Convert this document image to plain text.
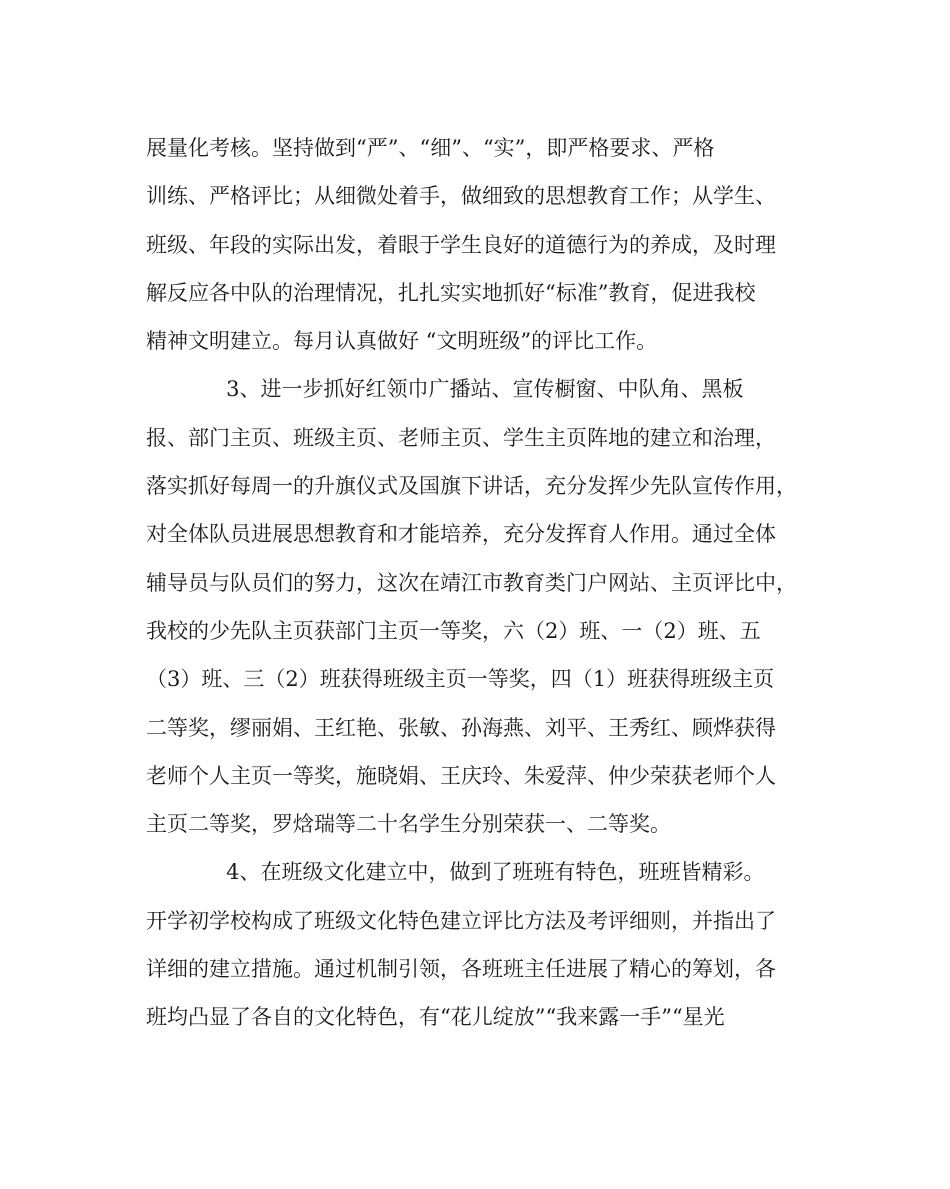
展量化考核。坚持做到“严”、“细”、“实”，即严格要求、严格
训练、严格评比；从细微处着手，做细致的思想教育工作；从学生、
班级、年段的实际出发，着眼于学生良好的道德行为的养成，及时理
解反应各中队的治理情况，扎扎实实地抓好“标准”教育，促进我校
精神文明建立。每月认真做好 “文明班级”的评比工作。
3、进一步抓好红领巾广播站、宣传橱窗、中队角、黑板
报、部门主页、班级主页、老师主页、学生主页阵地的建立和治理，
落实抓好每周一的升旗仪式及国旗下讲话，充分发挥少先队宣传作用，
对全体队员进展思想教育和才能培养，充分发挥育人作用。通过全体
辅导员与队员们的努力，这次在靖江市教育类门户网站、主页评比中，
我校的少先队主页获部门主页一等奖，六（2）班、一（2）班、五
（3）班、三（2）班获得班级主页一等奖，四（1）班获得班级主页
二等奖，缪丽娟、王红艳、张敏、孙海燕、刘平、王秀红、顾烨获得
老师个人主页一等奖，施晓娟、王庆玲、朱爱萍、仲少荣获老师个人
主页二等奖，罗焓瑞等二十名学生分别荣获一、二等奖。
4、在班级文化建立中，做到了班班有特色，班班皆精彩。
开学初学校构成了班级文化特色建立评比方法及考评细则，并指出了
详细的建立措施。通过机制引领，各班班主任进展了精心的筹划，各
班均凸显了各自的文化特色，有“花儿绽放”“我来露一手”“星光
